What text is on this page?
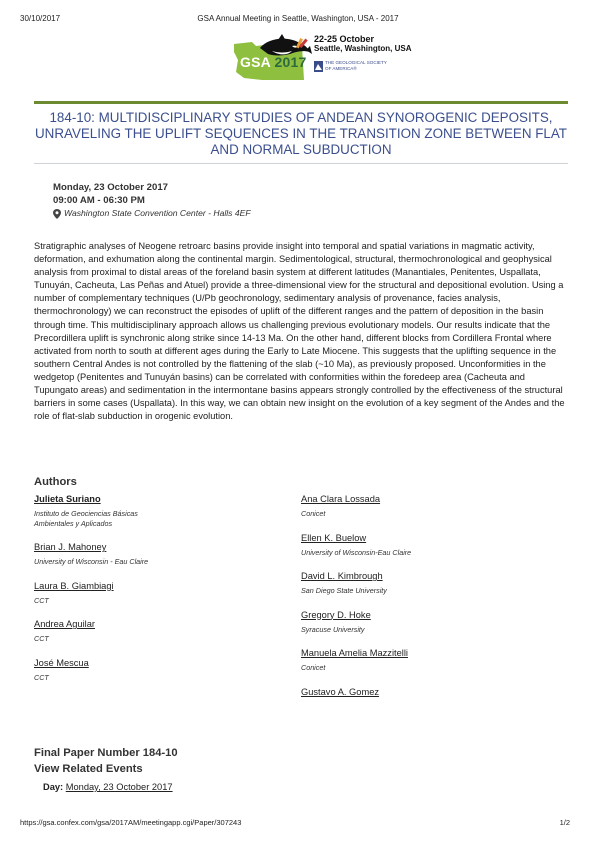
30/10/2017	GSA Annual Meeting in Seattle, Washington, USA - 2017
GSA 2017
22-25 October
Seattle, Washington, USA
THE GEOLOGICAL SOCIETY
OF AMERICA®
184-10: MULTIDISCIPLINARY STUDIES OF ANDEAN SYNOROGENIC DEPOSITS, UNRAVELING THE UPLIFT SEQUENCES IN THE TRANSITION ZONE BETWEEN FLAT AND NORMAL SUBDUCTION
Monday, 23 October 2017
09:00 AM - 06:30 PM
Washington State Convention Center - Halls 4EF
Stratigraphic analyses of Neogene retroarc basins provide insight into temporal and spatial variations in magmatic activity, deformation, and exhumation along the continental margin. Sedimentological, structural, thermochronological and geophysical analysis from proximal to distal areas of the foreland basin system at different latitudes (Manantiales, Penitentes, Uspallata, Tunuyán, Cacheuta, Las Peñas and Atuel) provide a three-dimensional view for the structural and depositional evolution. Using a number of complementary techniques (U/Pb geochronology, sedimentary analysis of provenance, facies analysis, thermochronology) we can reconstruct the episodes of uplift of the different ranges and the pattern of deposition in the basin through time. This multidisciplinary approach allows us challenging previous evolutionary models. Our results indicate that the Precordillera uplift is synchronic along strike since 14-13 Ma. On the other hand, different blocks from Cordillera Frontal where activated from north to south at different ages during the Early to Late Miocene. This suggests that the uplifting sequence in the southern Central Andes is not controlled by the flattening of the slab (~10 Ma), as previously proposed. Unconformities in the wedgetop (Penitentes and Tunuyán basins) can be correlated with conformities within the foredeep area (Cacheuta and Tupungato areas) and sedimentation in the intermontane basins appears strongly controlled by the effectiveness of the structural barriers in some cases (Uspallata). In this way, we can obtain new insight on the evolution of a key segment of the Andes and the role of flat-slab subduction in orogenic evolution.
Authors
Julieta Suriano
Instituto de Geociencias Básicas Ambientales y Aplicados
Brian J. Mahoney
University of Wisconsin - Eau Claire
Laura B. Giambiagi
CCT
Andrea Aguilar
CCT
José Mescua
CCT
Ana Clara Lossada
Conicet
Ellen K. Buelow
University of Wisconsin-Eau Claire
David L. Kimbrough
San Diego State University
Gregory D. Hoke
Syracuse University
Manuela Amelia Mazzitelli
Conicet
Gustavo A. Gomez
Final Paper Number 184-10
View Related Events
Day: Monday, 23 October 2017
https://gsa.confex.com/gsa/2017AM/meetingapp.cgi/Paper/307243	1/2
